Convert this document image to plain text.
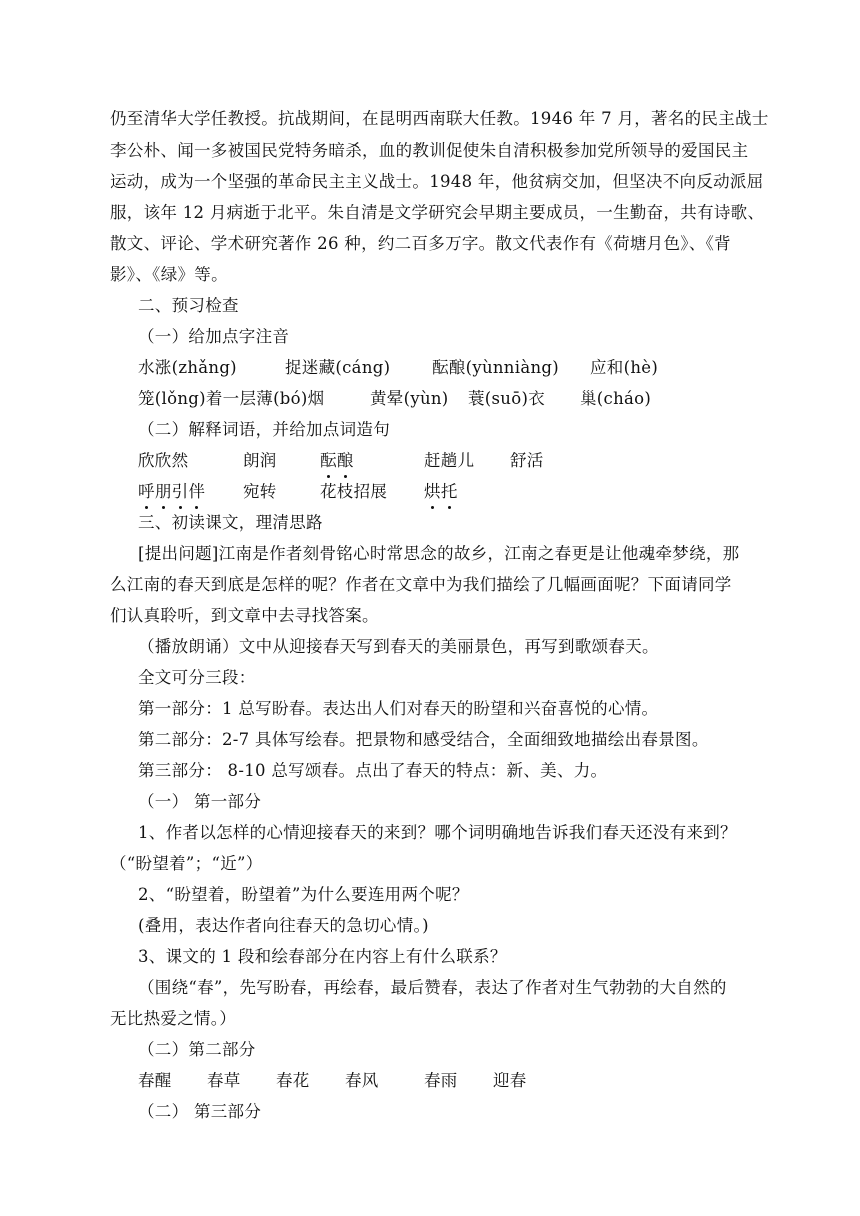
仍至清华大学任教授。抗战期间，在昆明西南联大任教。1946 年 7 月，著名的民主战士
李公朴、闻一多被国民党特务暗杀，血的教训促使朱自清积极参加党所领导的爱国民主
运动，成为一个坚强的革命民主主义战士。1948 年，他贫病交加，但坚决不向反动派屈
服，该年 12 月病逝于北平。朱自清是文学研究会早期主要成员，一生勤奋，共有诗歌、
散文、评论、学术研究著作 26 种，约二百多万字。散文代表作有《荷塘月色》、《背
影》、《绿》等。
二、预习检查
（一）给加点字注音
水涨(zhǎng)	捉迷藏(cáng)	酝酿(yùnniàng) 应和(hè)
笼(lǒng)着一层薄(bó)烟	黄晕(yùn) 蓑(suō)衣 巢(cháo)
（二）解释词语，并给加点词造句
欣欣然	朗润	酝酿	赶趟儿 舒活
呼朋引伴 宛转	花枝招展 烘托
三、初读课文，理清思路
[提出问题]江南是作者刻骨铭心时常思念的故乡，江南之春更是让他魂牵梦绕，那
么江南的春天到底是怎样的呢？作者在文章中为我们描绘了几幅画面呢？下面请同学
们认真聆听，到文章中去寻找答案。
（播放朗诵）文中从迎接春天写到春天的美丽景色，再写到歌颂春天。
全文可分三段：
第一部分：1 总写盼春。表达出人们对春天的盼望和兴奋喜悦的心情。
第二部分：2-7 具体写绘春。把景物和感受结合，全面细致地描绘出春景图。
第三部分： 8-10 总写颂春。点出了春天的特点：新、美、力。
（一） 第一部分
1、作者以怎样的心情迎接春天的来到？哪个词明确地告诉我们春天还没有来到？
（“盼望着”；“近”）
2、“盼望着，盼望着”为什么要连用两个呢？
(叠用，表达作者向往春天的急切心情。)
3、课文的 1 段和绘春部分在内容上有什么联系？
（围绕“春”，先写盼春，再绘春，最后赞春，表达了作者对生气勃勃的大自然的
无比热爱之情。）
（二）第二部分
春醒 春草 春花 春风	春雨 迎春
（二） 第三部分
